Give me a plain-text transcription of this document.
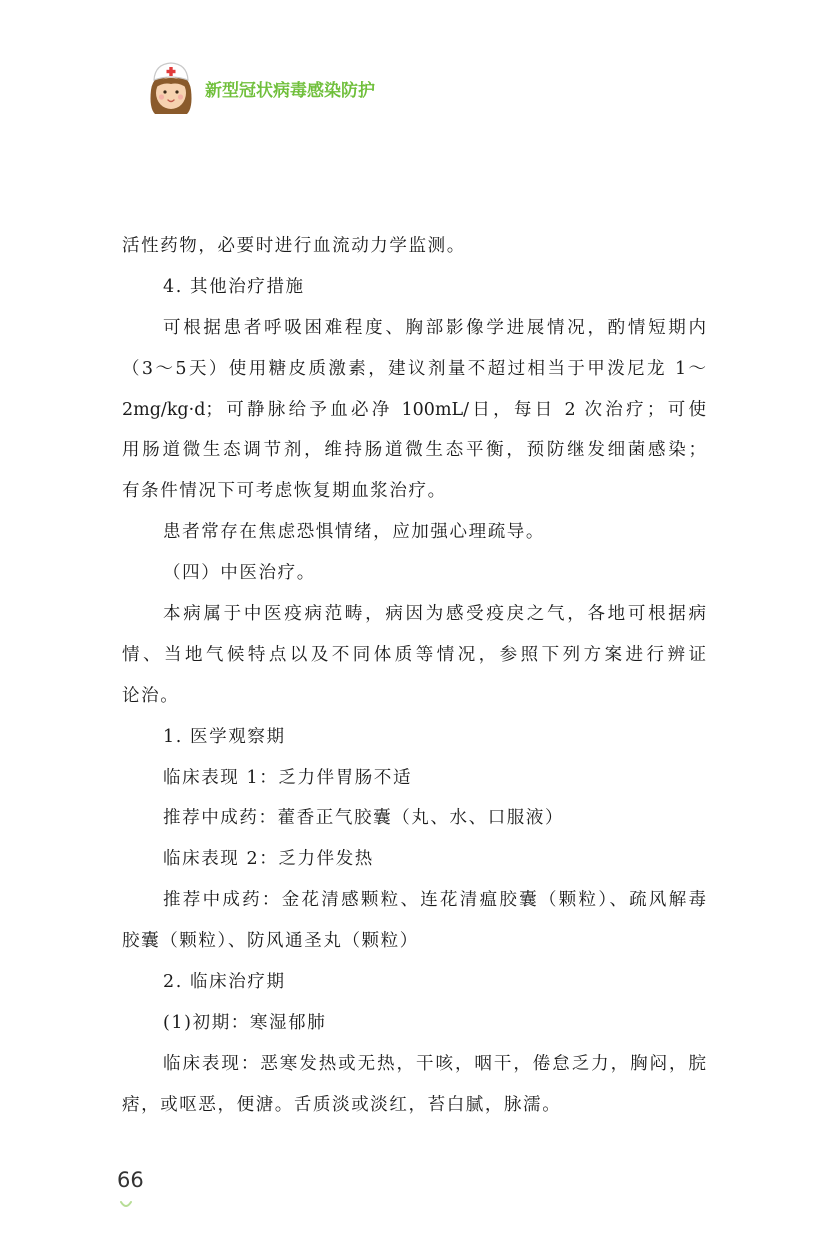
新型冠状病毒感染防护
活性药物，必要时进行血流动力学监测。
4. 其他治疗措施
可根据患者呼吸困难程度、胸部影像学进展情况，酌情短期内
（3～5天）使用糖皮质激素，建议剂量不超过相当于甲泼尼龙 1～
2mg/kg·d；可静脉给予血必净 100mL/日，每日 2 次治疗；可使
用肠道微生态调节剂，维持肠道微生态平衡，预防继发细菌感染；
有条件情况下可考虑恢复期血浆治疗。
患者常存在焦虑恐惧情绪，应加强心理疏导。
（四）中医治疗。
本病属于中医疫病范畴，病因为感受疫戾之气，各地可根据病
情、当地气候特点以及不同体质等情况，参照下列方案进行辨证
论治。
1. 医学观察期
临床表现 1：乏力伴胃肠不适
推荐中成药：藿香正气胶囊（丸、水、口服液）
临床表现 2：乏力伴发热
推荐中成药：金花清感颗粒、连花清瘟胶囊（颗粒）、疏风解毒
胶囊（颗粒）、防风通圣丸（颗粒）
2. 临床治疗期
(1)初期：寒湿郁肺
临床表现：恶寒发热或无热，干咳，咽干，倦怠乏力，胸闷，脘
痞，或呕恶，便溏。舌质淡或淡红，苔白腻，脉濡。
66
